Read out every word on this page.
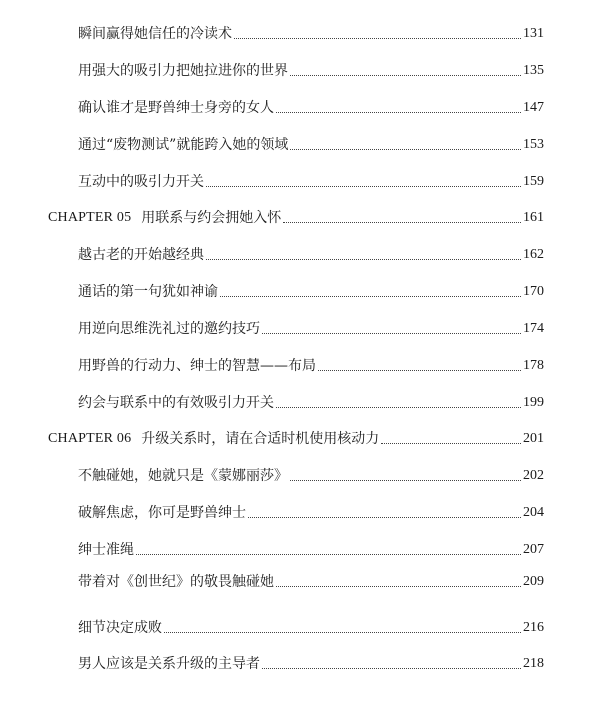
瞬间赢得她信任的冷读术	131
用强大的吸引力把她拉进你的世界	135
确认谁才是野兽绅士身旁的女人	147
通过“废物测试”就能跨入她的领域	153
互动中的吸引力开关	159
CHAPTER 05 用联系与约会拥她入怀	161
越古老的开始越经典	162
通话的第一句犹如神谕	170
用逆向思维洗礼过的邀约技巧	174
用野兽的行动力、绅士的智慧——布局	178
约会与联系中的有效吸引力开关	199
CHAPTER 06 升级关系时，请在合适时机使用核动力	201
不触碰她，她就只是《蒙娜丽莎》	202
破解焦虑，你可是野兽绅士	204
绅士准绳	207
带着对《创世纪》的敬畏触碰她	209
细节决定成败	216
男人应该是关系升级的主导者	218
